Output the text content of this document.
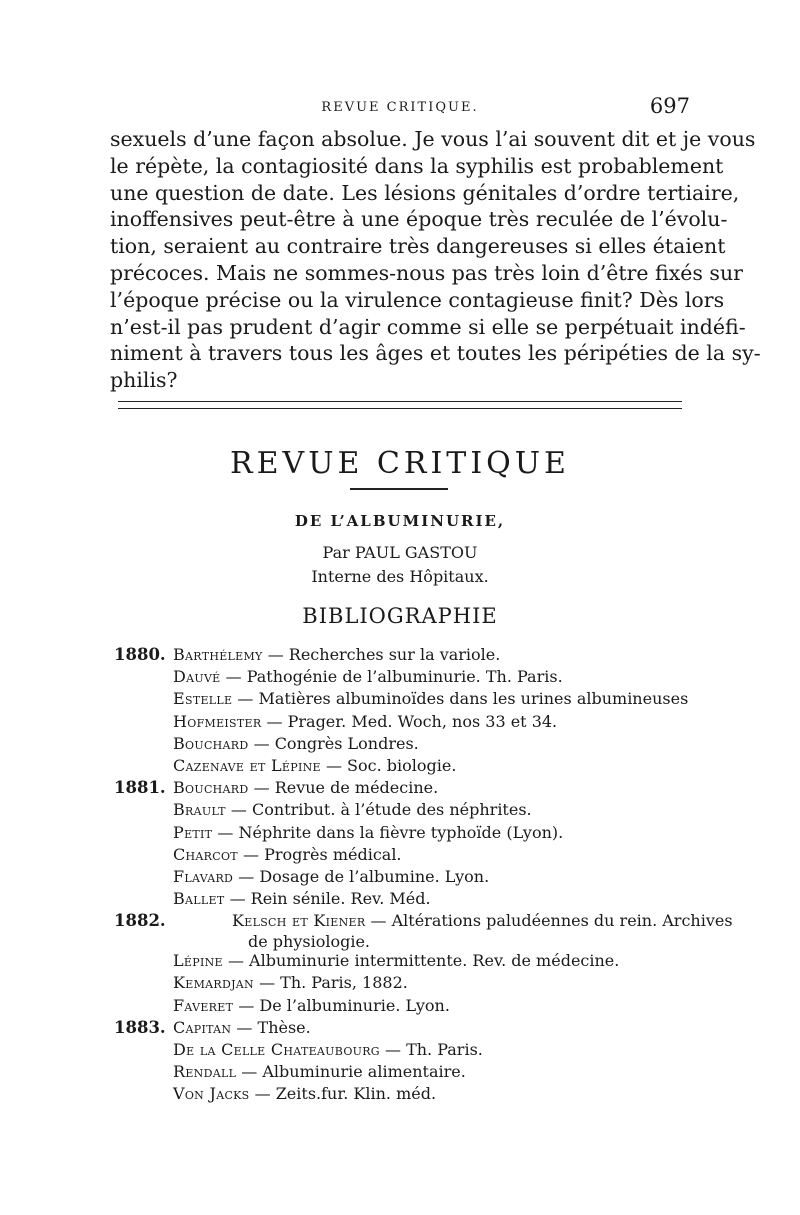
REVUE CRITIQUE.	697
sexuels d’une façon absolue. Je vous l’ai souvent dit et je vous
le répète, la contagiosité dans la syphilis est probablement
une question de date. Les lésions génitales d’ordre tertiaire,
inoffensives peut-être à une époque très reculée de l’évolu-
tion, seraient au contraire très dangereuses si elles étaient
précoces. Mais ne sommes-nous pas très loin d’être fixés sur
l’époque précise ou la virulence contagieuse finit? Dès lors
n’est-il pas prudent d’agir comme si elle se perpétuait indéfi-
niment à travers tous les âges et toutes les péripéties de la sy-
philis?
REVUE CRITIQUE
DE L’ALBUMINURIE,
Par PAUL GASTOU
Interne des Hôpitaux.
BIBLIOGRAPHIE
1880. Barthélemy — Recherches sur la variole.
Dauvé — Pathogénie de l’albuminurie. Th. Paris.
Estelle — Matières albuminoïdes dans les urines albumineuses
Hofmeister — Prager. Med. Woch, nos 33 et 34.
Bouchard — Congrès Londres.
Cazenave et Lépine — Soc. biologie.
1881. Bouchard — Revue de médecine.
Brault — Contribut. à l’étude des néphrites.
Petit — Néphrite dans la fièvre typhoïde (Lyon).
Charcot — Progrès médical.
Flavard — Dosage de l’albumine. Lyon.
Ballet — Rein sénile. Rev. Méd.
1882.	Kelsch et Kiener — Altérations paludéennes du rein. Archives
de physiologie.
Lépine — Albuminurie intermittente. Rev. de médecine.
Kemardjan — Th. Paris, 1882.
Faveret — De l’albuminurie. Lyon.
1883. Capitan — Thèse.
De la Celle Chateaubourg — Th. Paris.
Rendall — Albuminurie alimentaire.
Von Jacks — Zeits.fur. Klin. méd.
